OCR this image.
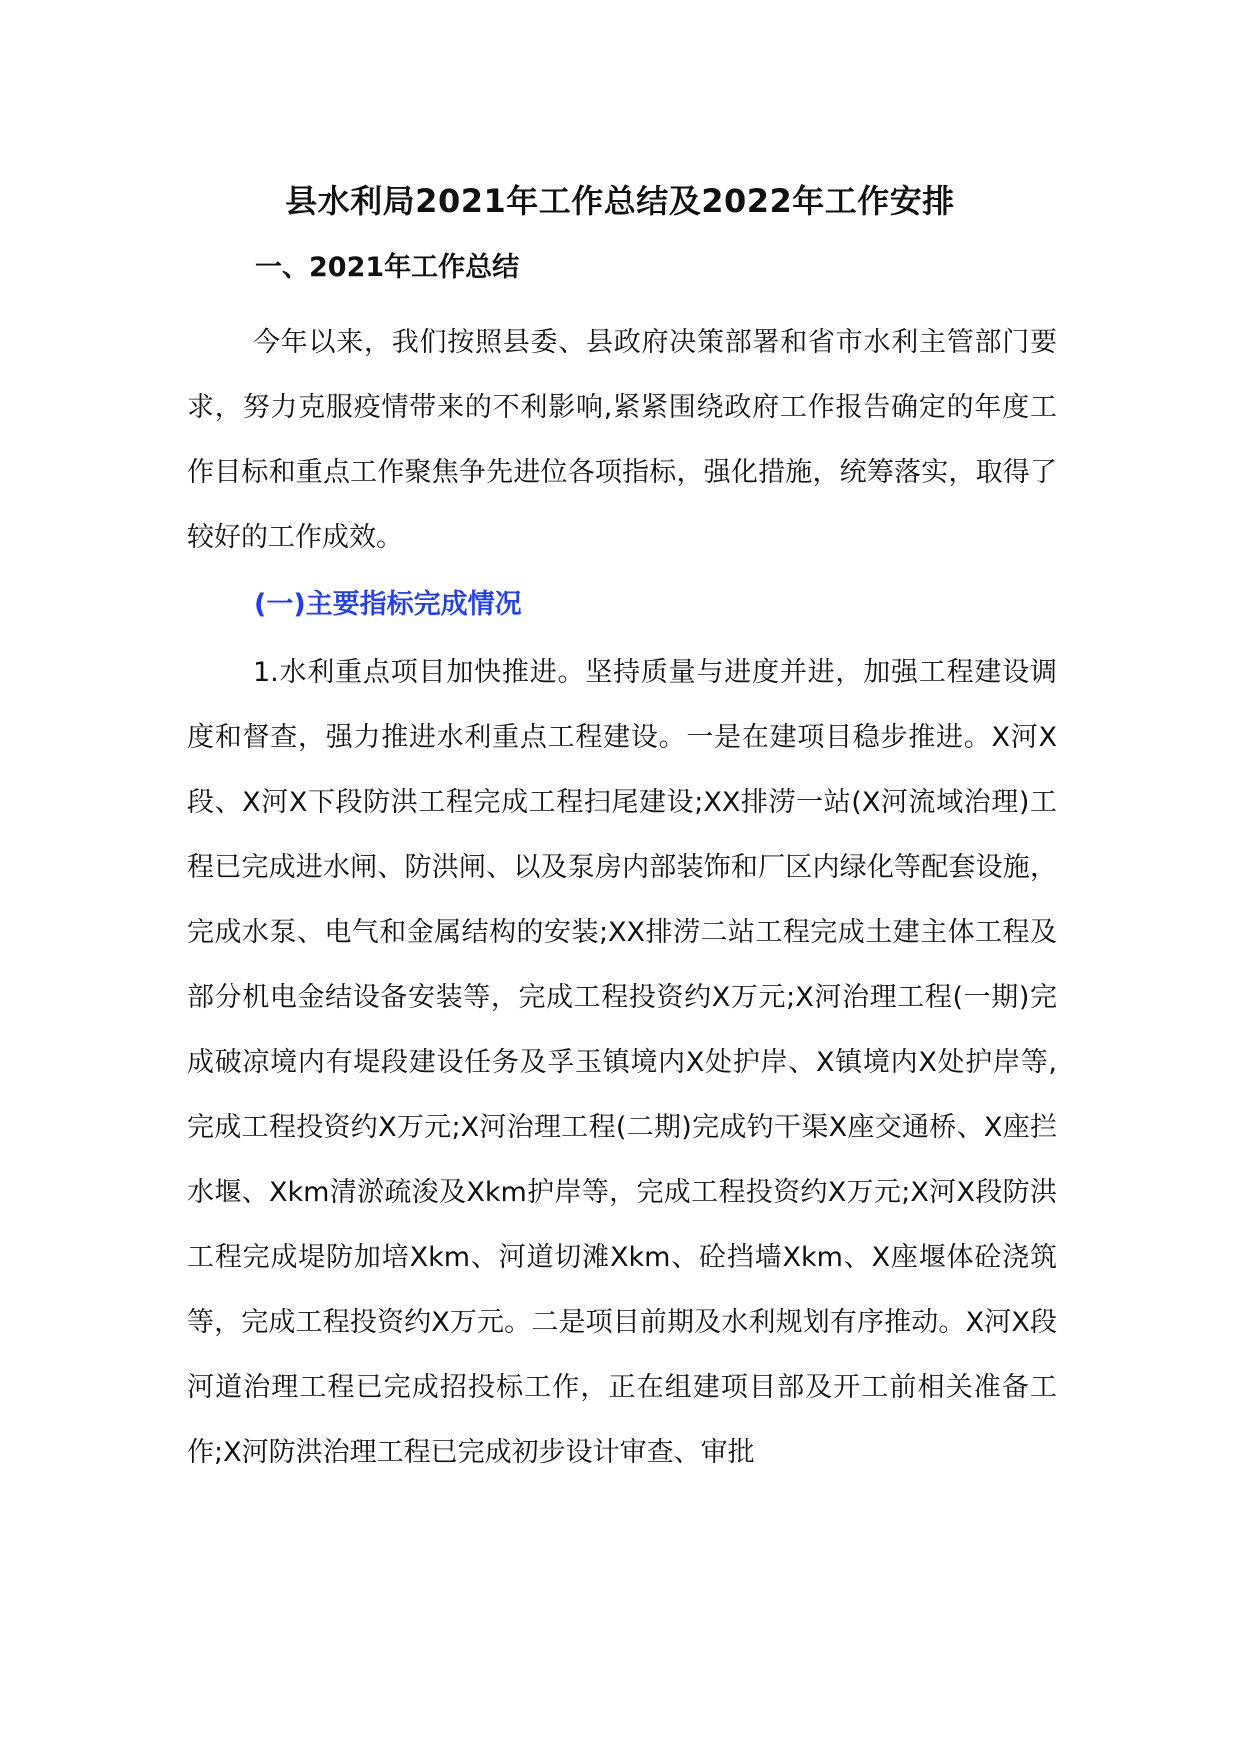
县水利局2021年工作总结及2022年工作安排
一、2021年工作总结

今年以来，我们按照县委、县政府决策部署和省市水利主管部门要求，努力克服疫情带来的不利影响,紧紧围绕政府工作报告确定的年度工作目标和重点工作聚焦争先进位各项指标，强化措施，统筹落实，取得了较好的工作成效。

(一)主要指标完成情况

1.水利重点项目加快推进。坚持质量与进度并进，加强工程建设调度和督查，强力推进水利重点工程建设。一是在建项目稳步推进。X河X段、X河X下段防洪工程完成工程扫尾建设;XX排涝一站(X河流域治理)工程已完成进水闸、防洪闸、以及泵房内部装饰和厂区内绿化等配套设施，完成水泵、电气和金属结构的安装;XX排涝二站工程完成土建主体工程及部分机电金结设备安装等，完成工程投资约X万元;X河治理工程(一期)完成破凉境内有堤段建设任务及孚玉镇境内X处护岸、X镇境内X处护岸等,完成工程投资约X万元;X河治理工程(二期)完成钓干渠X座交通桥、X座拦水堰、Xkm清淤疏浚及Xkm护岸等，完成工程投资约X万元;X河X段防洪工程完成堤防加培Xkm、河道切滩Xkm、砼挡墙Xkm、X座堰体砼浇筑等，完成工程投资约X万元。二是项目前期及水利规划有序推动。X河X段河道治理工程已完成招投标工作，正在组建项目部及开工前相关准备工作;X河防洪治理工程已完成初步设计审查、审批
